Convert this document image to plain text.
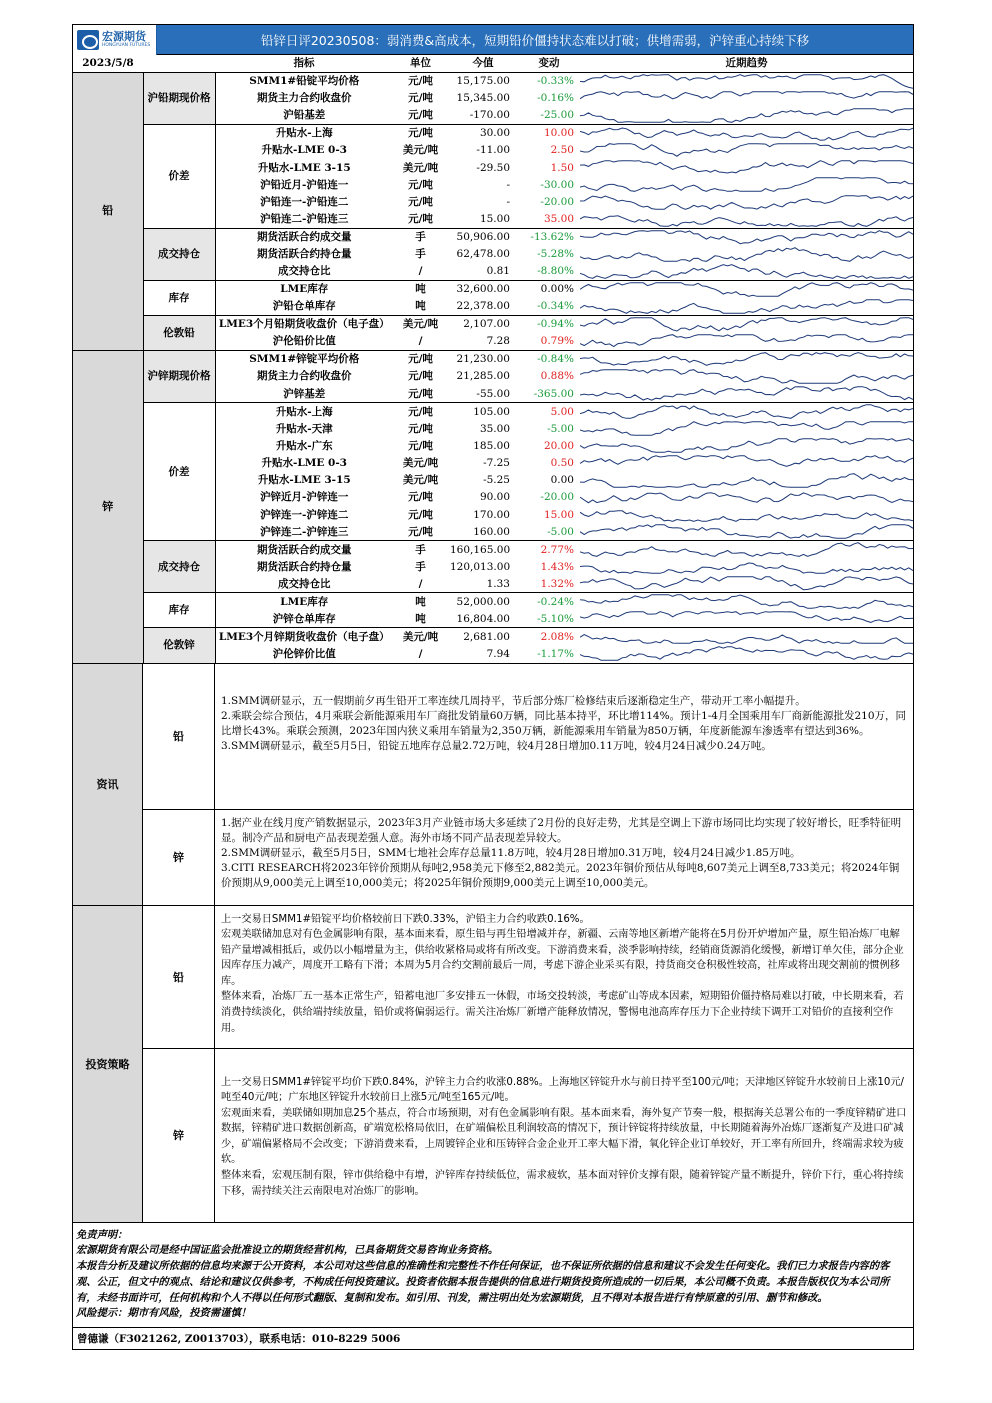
宏源期货
HONGYUAN FUTURES	铅锌日评20230508：弱消费&高成本，短期铅价僵持状态难以打破；供增需弱，沪锌重心持续下移
2023/5/8		指标	单位	今值	变动	近期趋势
铅	沪铅期现价格	SMM1#铅锭平均价格	元/吨	15,175.00	-0.33%	

		期货主力合约收盘价	元/吨	15,345.00	-0.16%	

		沪铅基差	元/吨	-170.00	-25.00	

	价差	升贴水-上海	元/吨	30.00	10.00	

		升贴水-LME 0-3	美元/吨	-11.00	2.50	

		升贴水-LME 3-15	美元/吨	-29.50	1.50	

		沪铅近月-沪铅连一	元/吨	-	-30.00	

		沪铅连一-沪铅连二	元/吨	-	-20.00	

		沪铅连二-沪铅连三	元/吨	15.00	35.00	

	成交持仓	期货活跃合约成交量	手	50,906.00	-13.62%	

		期货活跃合约持仓量	手	62,478.00	-5.28%	

		成交持仓比	/	0.81	-8.80%	

	库存	LME库存	吨	32,600.00	0.00%	

		沪铅仓单库存	吨	22,378.00	-0.34%	

	伦敦铅	LME3个月铅期货收盘价（电子盘）	美元/吨	2,107.00	-0.94%	

		沪伦铅价比值	/	7.28	0.79%	

锌	沪锌期现价格	SMM1#锌锭平均价格	元/吨	21,230.00	-0.84%	

		期货主力合约收盘价	元/吨	21,285.00	0.88%	

		沪锌基差	元/吨	-55.00	-365.00	

	价差	升贴水-上海	元/吨	105.00	5.00	

		升贴水-天津	元/吨	35.00	-5.00	

		升贴水-广东	元/吨	185.00	20.00	

		升贴水-LME 0-3	美元/吨	-7.25	0.50	

		升贴水-LME 3-15	美元/吨	-5.25	0.00	

		沪锌近月-沪锌连一	元/吨	90.00	-20.00	

		沪锌连一-沪锌连二	元/吨	170.00	15.00	

		沪锌连二-沪锌连三	元/吨	160.00	-5.00	

	成交持仓	期货活跃合约成交量	手	160,165.00	2.77%	

		期货活跃合约持仓量	手	120,013.00	1.43%	

		成交持仓比	/	1.33	1.32%	

	库存	LME库存	吨	52,000.00	-0.24%	

		沪锌仓单库存	吨	16,804.00	-5.10%	

	伦敦锌	LME3个月锌期货收盘价（电子盘）	美元/吨	2,681.00	2.08%	

		沪伦锌价比值	/	7.94	-1.17%	
资讯
铅

1.SMM调研显示，五一假期前夕再生铅开工率连续几周持平，节后部分炼厂检修结束后逐渐稳定生产，带动开工率小幅提升。

2.乘联会综合预估，4月乘联会新能源乘用车厂商批发销量60万辆，同比基本持平，环比增114%。预计1-4月全国乘用车厂商新能源批发210万，同比增长43%。乘联会预测，2023年国内狭义乘用车销量为2,350万辆，新能源乘用车销量为850万辆，年度新能源车渗透率有望达到36%。

3.SMM调研显示，截至5月5日，铅锭五地库存总量2.72万吨，较4月28日增加0.11万吨，较4月24日减少0.24万吨。

锌

1.据产业在线月度产销数据显示，2023年3月产业链市场大多延续了2月份的良好走势，尤其是空调上下游市场同比均实现了较好增长，旺季特征明显。制冷产品和厨电产品表现差强人意。海外市场不同产品表现差异较大。

2.SMM调研显示，截至5月5日，SMM七地社会库存总量11.8万吨，较4月28日增加0.31万吨，较4月24日减少1.85万吨。

3.CITI RESEARCH将2023年锌价预期从每吨2,958美元下修至2,882美元。2023年铜价预估从每吨8,607美元上调至8,733美元；将2024年铜价预期从9,000美元上调至10,000美元；将2025年铜价预期9,000美元上调至10,000美元。

投资策略
铅

上一交易日SMM1#铅锭平均价格较前日下跌0.33%，沪铅主力合约收跌0.16%。

宏观美联储加息对有色金属影响有限，基本面来看，原生铅与再生铅增减并存，新疆、云南等地区新增产能将在5月份开炉增加产量，原生铅冶炼厂电解铅产量增减相抵后，或仍以小幅增量为主，供给收紧格局或将有所改变。下游消费来看，淡季影响持续，经销商货源消化缓慢，新增订单欠佳，部分企业因库存压力减产，周度开工略有下滑；本周为5月合约交割前最后一周，考虑下游企业采买有限，持货商交仓积极性较高，社库或将出现交割前的惯例移库。

整体来看，冶炼厂五一基本正常生产，铅蓄电池厂多安排五一休假，市场交投转淡，考虑矿山等成本因素，短期铅价僵持格局难以打破，中长期来看，若消费持续淡化，供给端持续放量，铅价或将偏弱运行。需关注冶炼厂新增产能释放情况，警惕电池高库存压力下企业持续下调开工对铅价的直接利空作用。

锌

上一交易日SMM1#锌锭平均价下跌0.84%，沪锌主力合约收涨0.88%。上海地区锌锭升水与前日持平至100元/吨；天津地区锌锭升水较前日上涨10元/吨至40元/吨；广东地区锌锭升水较前日上涨5元/吨至165元/吨。

宏观面来看，美联储如期加息25个基点，符合市场预期，对有色金属影响有限。基本面来看，海外复产节奏一般，根据海关总署公布的一季度锌精矿进口数据，锌精矿进口数据创新高，矿端宽松格局依旧，在矿端偏松且利润较高的情况下，预计锌锭将持续放量，中长期随着海外冶炼厂逐渐复产及进口矿减少，矿端偏紧格局不会改变；下游消费来看，上周镀锌企业和压铸锌合金企业开工率大幅下滑，氧化锌企业订单较好，开工率有所回升，终端需求较为疲软。

整体来看，宏观压制有限，锌市供给稳中有增，沪锌库存持续低位，需求疲软，基本面对锌价支撑有限，随着锌锭产量不断提升，锌价下行，重心将持续下移，需持续关注云南限电对冶炼厂的影响。

免责声明：

宏源期货有限公司是经中国证监会批准设立的期货经营机构，已具备期货交易咨询业务资格。

本报告分析及建议所依据的信息均来源于公开资料，本公司对这些信息的准确性和完整性不作任何保证，也不保证所依据的信息和建议不会发生任何变化。我们已力求报告内容的客观、公正，但文中的观点、结论和建议仅供参考，不构成任何投资建议。投资者依据本报告提供的信息进行期货投资所造成的一切后果，本公司概不负责。本报告版权仅为本公司所有，未经书面许可，任何机构和个人不得以任何形式翻版、复制和发布。如引用、刊发，需注明出处为宏源期货，且不得对本报告进行有悖原意的引用、删节和修改。

风险提示：期市有风险，投资需谨慎！

曾德谦（F3021262, Z0013703），联系电话：010-8229 5006
